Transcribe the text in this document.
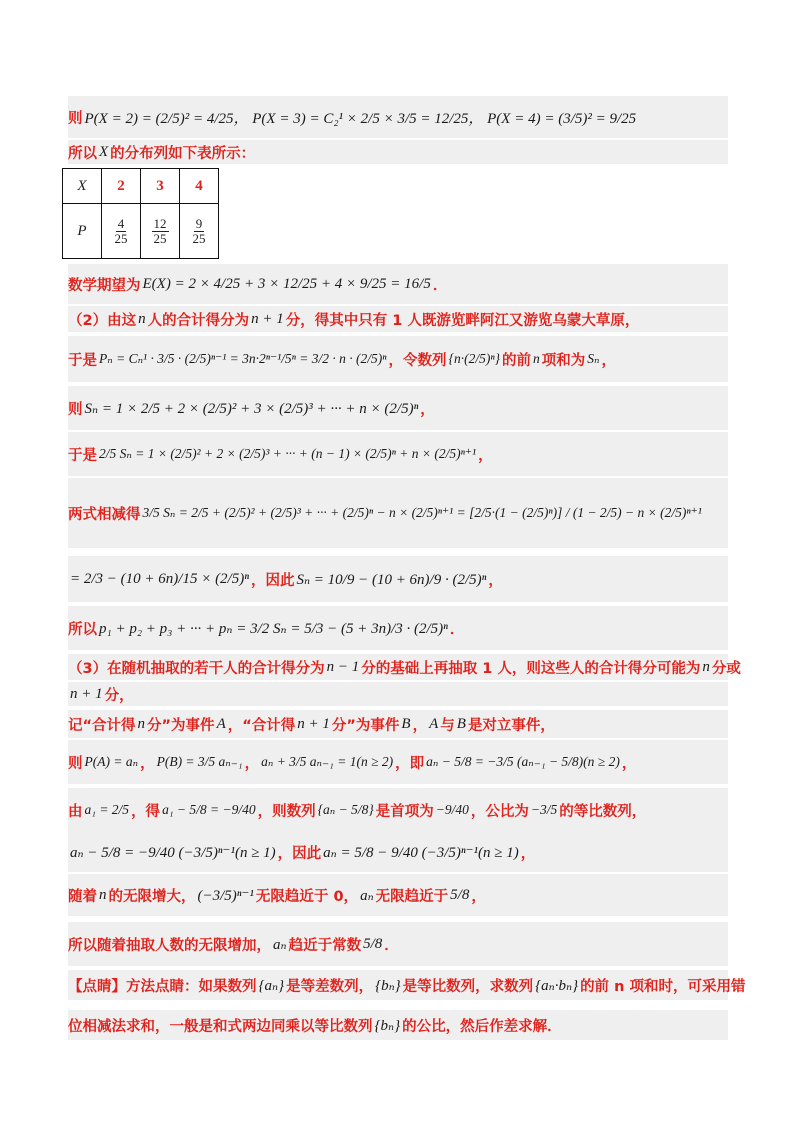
则 P(X = 2) = (2/5)² = 4/25， P(X = 3) = C₂¹ × 2/5 × 3/5 = 12/25， P(X = 4) = (3/5)² = 9/25
所以 X 的分布列如下表所示：
X	2	3	4
P	$\frac{4}{25}$	$\frac{12}{25}$	$\frac{9}{25}$
数学期望为 E(X) = 2 × 4/25 + 3 × 12/25 + 4 × 9/25 = 16/5 ．
（2）由这 n 人的合计得分为 n + 1 分，得其中只有 1 人既游览畔阿江又游览乌蒙大草原，
于是 Pₙ = Cₙ¹ · 3/5 · (2/5)ⁿ⁻¹ = 3n·2ⁿ⁻¹/5ⁿ = 3/2 · n · (2/5)ⁿ ，令数列 {n·(2/5)ⁿ} 的前 n 项和为 Sₙ ，
则 Sₙ = 1 × 2/5 + 2 × (2/5)² + 3 × (2/5)³ + ··· + n × (2/5)ⁿ ，
于是 2/5 Sₙ = 1 × (2/5)² + 2 × (2/5)³ + ··· + (n − 1) × (2/5)ⁿ + n × (2/5)ⁿ⁺¹ ，
两式相减得 3/5 Sₙ = 2/5 + (2/5)² + (2/5)³ + ··· + (2/5)ⁿ − n × (2/5)ⁿ⁺¹ = [2/5·(1 − (2/5)ⁿ)] / (1 − 2/5) − n × (2/5)ⁿ⁺¹
= 2/3 − (10 + 6n)/15 × (2/5)ⁿ ，因此 Sₙ = 10/9 − (10 + 6n)/9 · (2/5)ⁿ ，
所以 p₁ + p₂ + p₃ + ··· + pₙ = 3/2 Sₙ = 5/3 − (5 + 3n)/3 · (2/5)ⁿ ．
（3）在随机抽取的若干人的合计得分为 n − 1 分的基础上再抽取 1 人，则这些人的合计得分可能为 n 分或
n + 1 分，
记“合计得 n 分”为事件 A ，“合计得 n + 1 分”为事件 B ， A 与 B 是对立事件，
则 P(A) = aₙ ， P(B) = 3/5 aₙ₋₁ ， aₙ + 3/5 aₙ₋₁ = 1(n ≥ 2) ，即 aₙ − 5/8 = −3/5 (aₙ₋₁ − 5/8)(n ≥ 2) ，
由 a₁ = 2/5 ，得 a₁ − 5/8 = −9/40 ，则数列 {aₙ − 5/8} 是首项为 −9/40 ，公比为 −3/5 的等比数列，
aₙ − 5/8 = −9/40 (−3/5)ⁿ⁻¹(n ≥ 1) ，因此 aₙ = 5/8 − 9/40 (−3/5)ⁿ⁻¹(n ≥ 1) ，
随着 n 的无限增大， (−3/5)ⁿ⁻¹ 无限趋近于 0， aₙ 无限趋近于 5/8 ，
所以随着抽取人数的无限增加， aₙ 趋近于常数 5/8 ．
【点睛】方法点睛：如果数列 {aₙ} 是等差数列， {bₙ} 是等比数列，求数列 {aₙ·bₙ} 的前 n 项和时，可采用错
位相减法求和，一般是和式两边同乘以等比数列 {bₙ} 的公比，然后作差求解．
